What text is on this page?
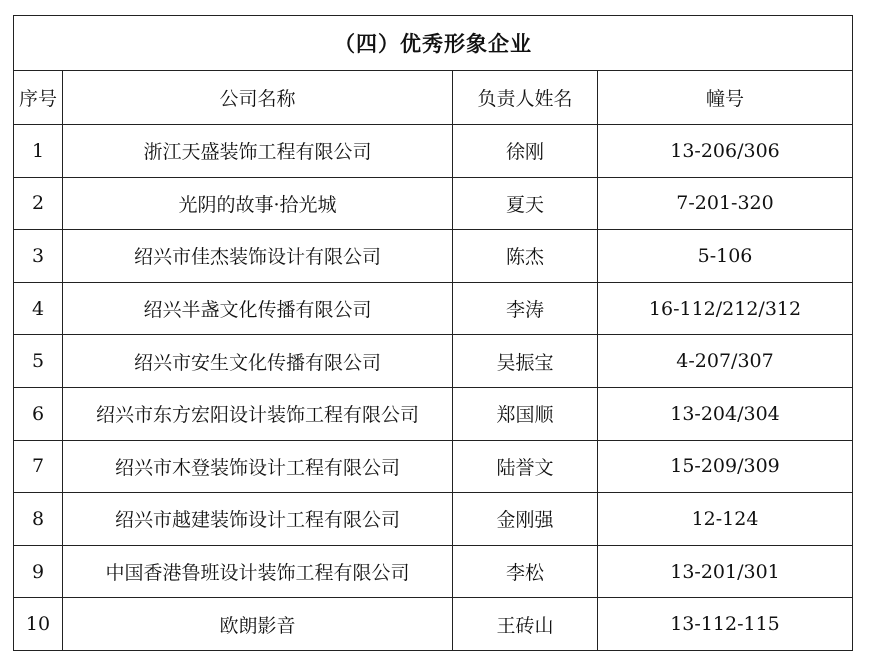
（四）优秀形象企业			
序号	公司名称	负责人姓名	幢号
1	浙江天盛装饰工程有限公司	徐刚	13-206/306
2	光阴的故事·拾光城	夏天	7-201-320
3	绍兴市佳杰装饰设计有限公司	陈杰	5-106
4	绍兴半盏文化传播有限公司	李涛	16-112/212/312
5	绍兴市安生文化传播有限公司	吴振宝	4-207/307
6	绍兴市东方宏阳设计装饰工程有限公司	郑国顺	13-204/304
7	绍兴市木登装饰设计工程有限公司	陆誉文	15-209/309
8	绍兴市越建装饰设计工程有限公司	金刚强	12-124
9	中国香港鲁班设计装饰工程有限公司	李松	13-201/301
10	欧朗影音	王砖山	13-112-115
